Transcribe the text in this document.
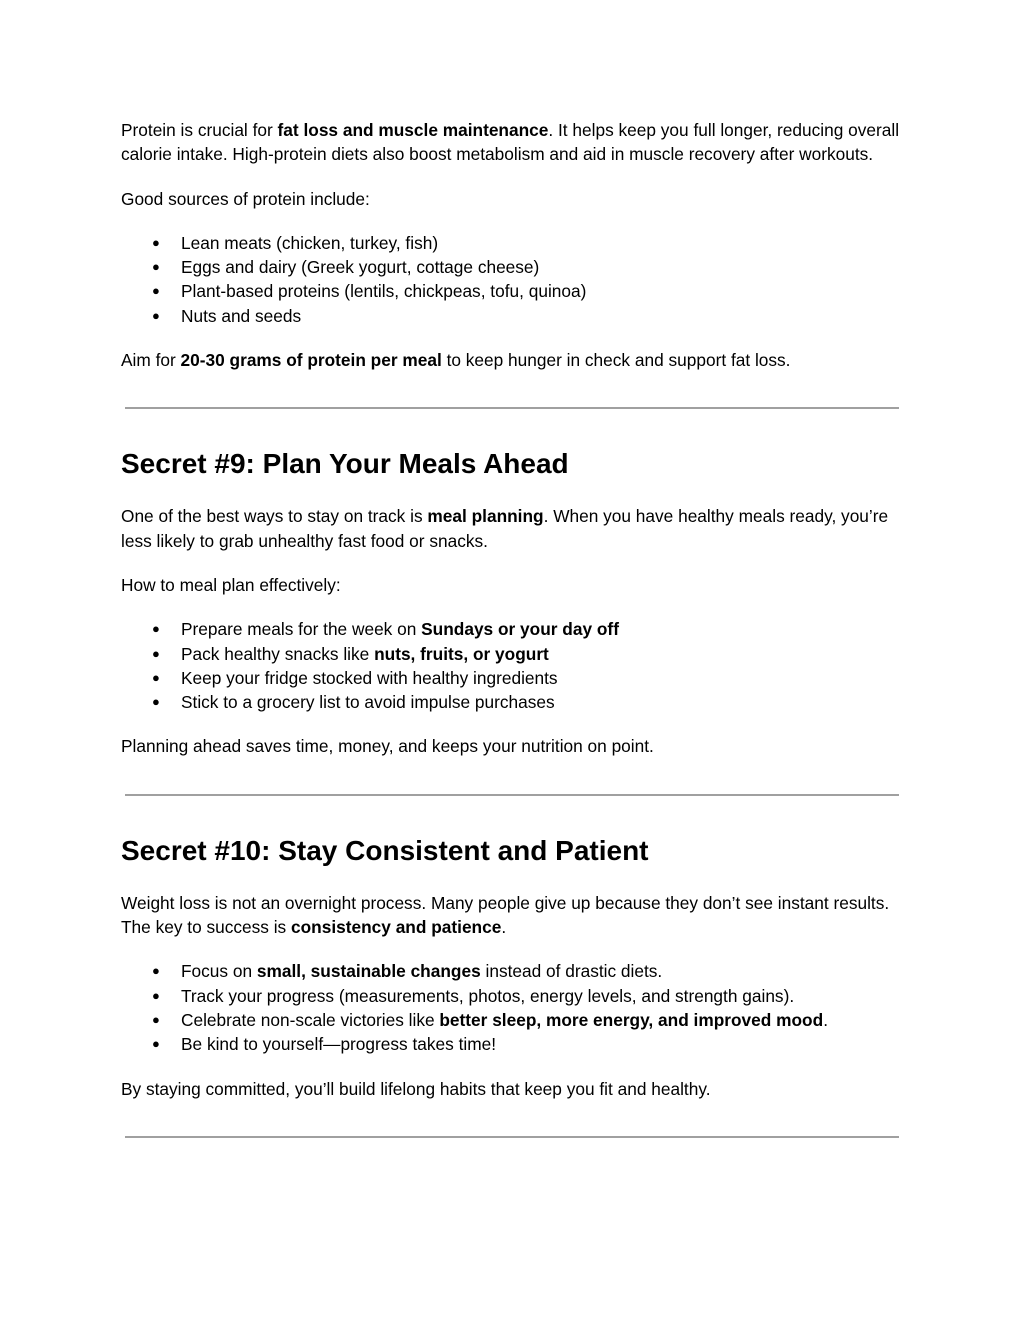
Protein is crucial for fat loss and muscle maintenance. It helps keep you full longer, reducing overall calorie intake. High-protein diets also boost metabolism and aid in muscle recovery after workouts.

Good sources of protein include:

● Lean meats (chicken, turkey, fish)
● Eggs and dairy (Greek yogurt, cottage cheese)
● Plant-based proteins (lentils, chickpeas, tofu, quinoa)
● Nuts and seeds

Aim for 20-30 grams of protein per meal to keep hunger in check and support fat loss.

Secret #9: Plan Your Meals Ahead

One of the best ways to stay on track is meal planning. When you have healthy meals ready, you’re less likely to grab unhealthy fast food or snacks.

How to meal plan effectively:

● Prepare meals for the week on Sundays or your day off
● Pack healthy snacks like nuts, fruits, or yogurt
● Keep your fridge stocked with healthy ingredients
● Stick to a grocery list to avoid impulse purchases

Planning ahead saves time, money, and keeps your nutrition on point.

Secret #10: Stay Consistent and Patient

Weight loss is not an overnight process. Many people give up because they don’t see instant results. The key to success is consistency and patience.

● Focus on small, sustainable changes instead of drastic diets.
● Track your progress (measurements, photos, energy levels, and strength gains).
● Celebrate non-scale victories like better sleep, more energy, and improved mood.
● Be kind to yourself—progress takes time!

By staying committed, you’ll build lifelong habits that keep you fit and healthy.
